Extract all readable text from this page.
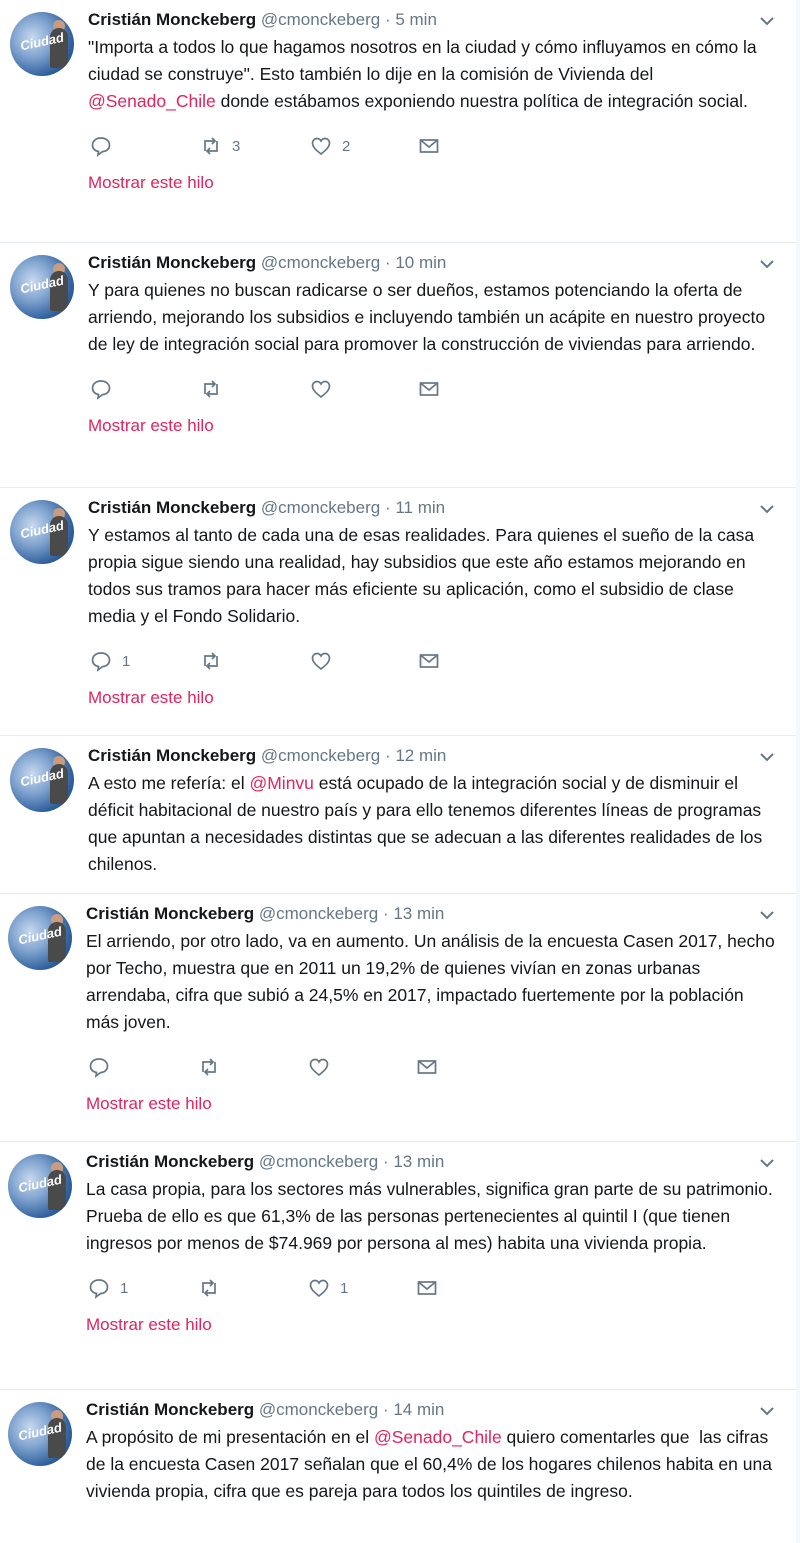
Ciudad
Cristián Monckeberg @cmonckeberg · 5 min
"Importa a todos lo que hagamos nosotros en la ciudad y cómo influyamos en cómo la ciudad se construye". Esto también lo dije en la comisión de Vivienda del @Senado_Chile donde estábamos exponiendo nuestra política de integración social.
3	2
Mostrar este hilo
Ciudad
Cristián Monckeberg @cmonckeberg · 10 min
Y para quienes no buscan radicarse o ser dueños, estamos potenciando la oferta de arriendo, mejorando los subsidios e incluyendo también un acápite en nuestro proyecto de ley de integración social para promover la construcción de viviendas para arriendo.
Mostrar este hilo
Ciudad
Cristián Monckeberg @cmonckeberg · 11 min
Y estamos al tanto de cada una de esas realidades. Para quienes el sueño de la casa propia sigue siendo una realidad, hay subsidios que este año estamos mejorando en todos sus tramos para hacer más eficiente su aplicación, como el subsidio de clase media y el Fondo Solidario.
1
Mostrar este hilo
Ciudad
Cristián Monckeberg @cmonckeberg · 12 min
A esto me refería: el @Minvu está ocupado de la integración social y de disminuir el déficit habitacional de nuestro país y para ello tenemos diferentes líneas de programas que apuntan a necesidades distintas que se adecuan a las diferentes realidades de los chilenos.
Ciudad
Cristián Monckeberg @cmonckeberg · 13 min
El arriendo, por otro lado, va en aumento. Un análisis de la encuesta Casen 2017, hecho por Techo, muestra que en 2011 un 19,2% de quienes vivían en zonas urbanas arrendaba, cifra que subió a 24,5% en 2017, impactado fuertemente por la población más joven.
Mostrar este hilo
Ciudad
Cristián Monckeberg @cmonckeberg · 13 min
La casa propia, para los sectores más vulnerables, significa gran parte de su patrimonio. Prueba de ello es que 61,3% de las personas pertenecientes al quintil I (que tienen ingresos por menos de $74.969 por persona al mes) habita una vivienda propia.
1	1
Mostrar este hilo
Ciudad
Cristián Monckeberg @cmonckeberg · 14 min
A propósito de mi presentación en el @Senado_Chile quiero comentarles que  las cifras de la encuesta Casen 2017 señalan que el 60,4% de los hogares chilenos habita en una vivienda propia, cifra que es pareja para todos los quintiles de ingreso.
